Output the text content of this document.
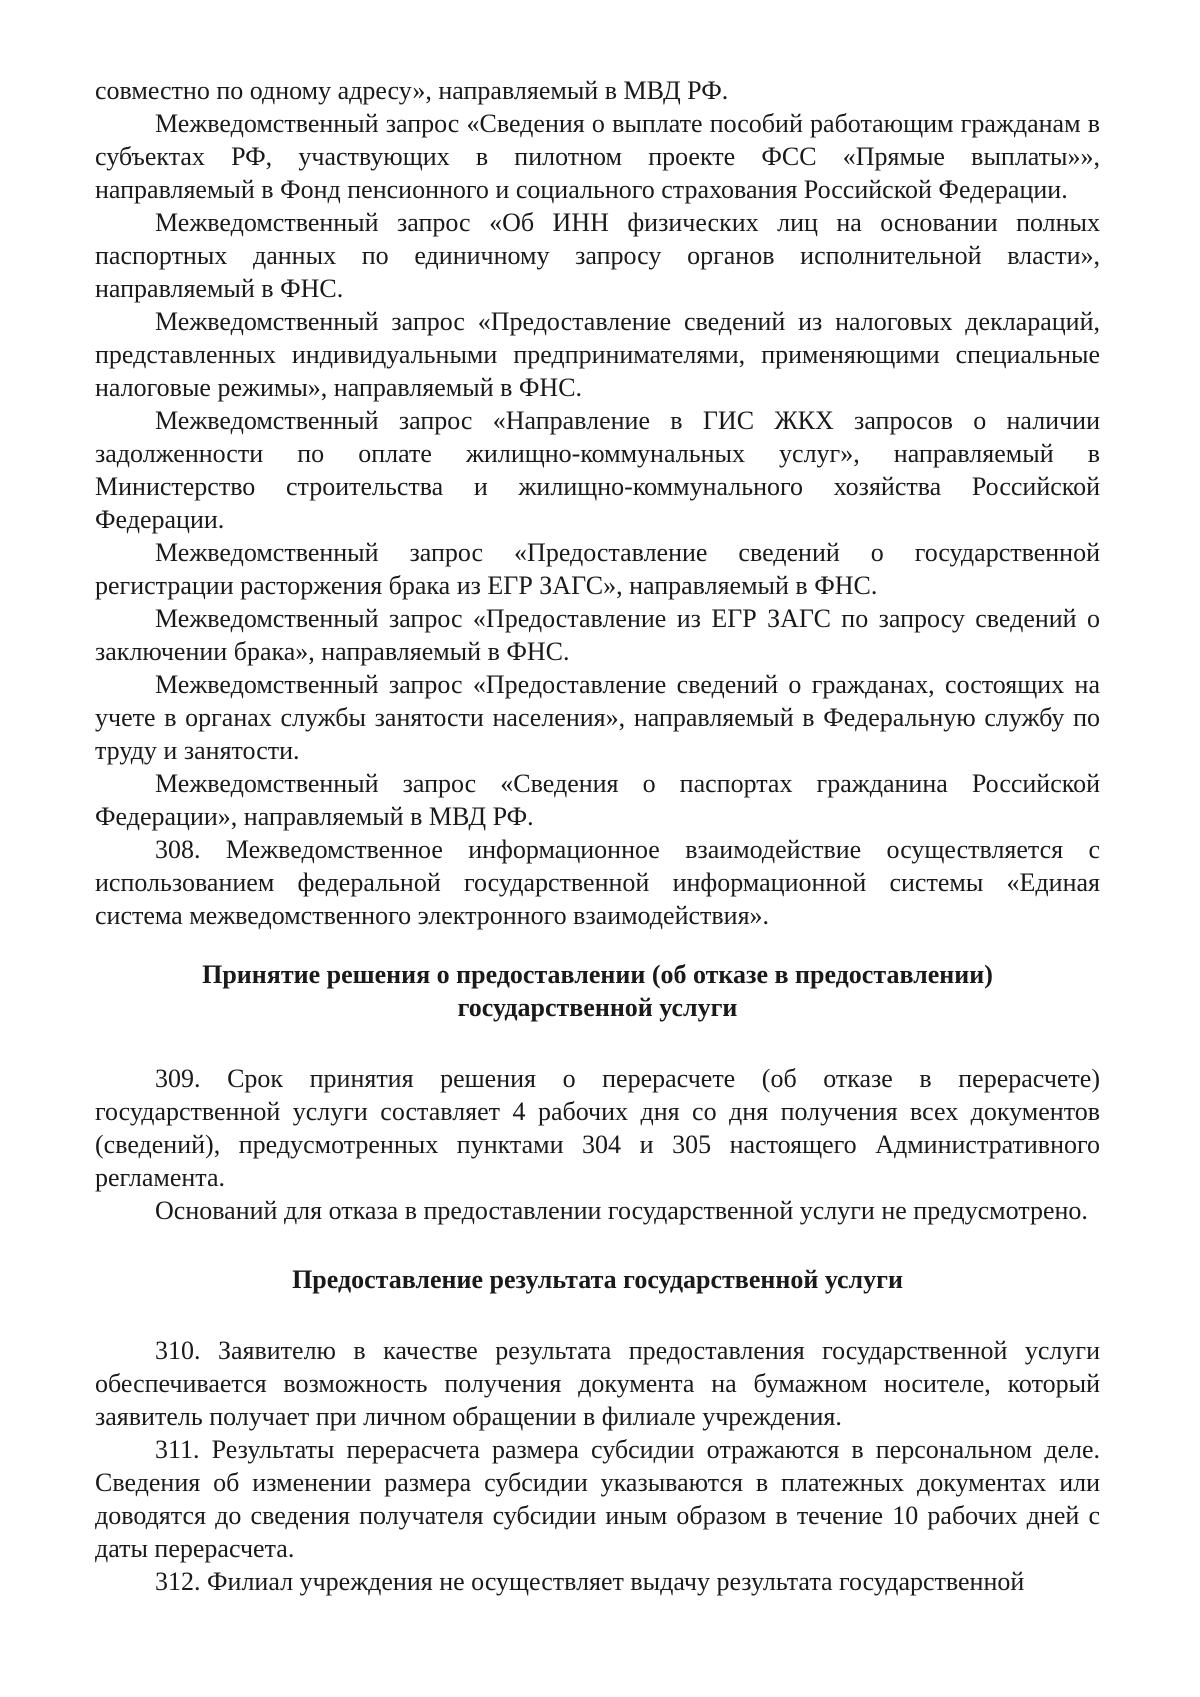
совместно по одному адресу», направляемый в МВД РФ.

Межведомственный запрос «Сведения о выплате пособий работающим гражданам в субъектах РФ, участвующих в пилотном проекте ФСС «Прямые выплаты»», направляемый в Фонд пенсионного и социального страхования Российской Федерации.

Межведомственный запрос «Об ИНН физических лиц на основании полных паспортных данных по единичному запросу органов исполнительной власти», направляемый в ФНС.

Межведомственный запрос «Предоставление сведений из налоговых деклараций, представленных индивидуальными предпринимателями, применяющими специальные налоговые режимы», направляемый в ФНС.

Межведомственный запрос «Направление в ГИС ЖКХ запросов о наличии задолженности по оплате жилищно-коммунальных услуг», направляемый в Министерство строительства и жилищно-коммунального хозяйства Российской Федерации.

Межведомственный запрос «Предоставление сведений о государственной регистрации расторжения брака из ЕГР ЗАГС», направляемый в ФНС.

Межведомственный запрос «Предоставление из ЕГР ЗАГС по запросу сведений о заключении брака», направляемый в ФНС.

Межведомственный запрос «Предоставление сведений о гражданах, состоящих на учете в органах службы занятости населения», направляемый в Федеральную службу по труду и занятости.

Межведомственный запрос «Сведения о паспортах гражданина Российской Федерации», направляемый в МВД РФ.

308. Межведомственное информационное взаимодействие осуществляется с использованием федеральной государственной информационной системы «Единая система межведомственного электронного взаимодействия».

Принятие решения о предоставлении (об отказе в предоставлении)
государственной услуги

309. Срок принятия решения о перерасчете (об отказе в перерасчете) государственной услуги составляет 4 рабочих дня со дня получения всех документов (сведений), предусмотренных пунктами 304 и 305 настоящего Административного регламента.

Оснований для отказа в предоставлении государственной услуги не предусмотрено.

Предоставление результата государственной услуги

310. Заявителю в качестве результата предоставления государственной услуги обеспечивается возможность получения документа на бумажном носителе, который заявитель получает при личном обращении в филиале учреждения.

311. Результаты перерасчета размера субсидии отражаются в персональном деле. Сведения об изменении размера субсидии указываются в платежных документах или доводятся до сведения получателя субсидии иным образом в течение 10 рабочих дней с даты перерасчета.

312. Филиал учреждения не осуществляет выдачу результата государственной
